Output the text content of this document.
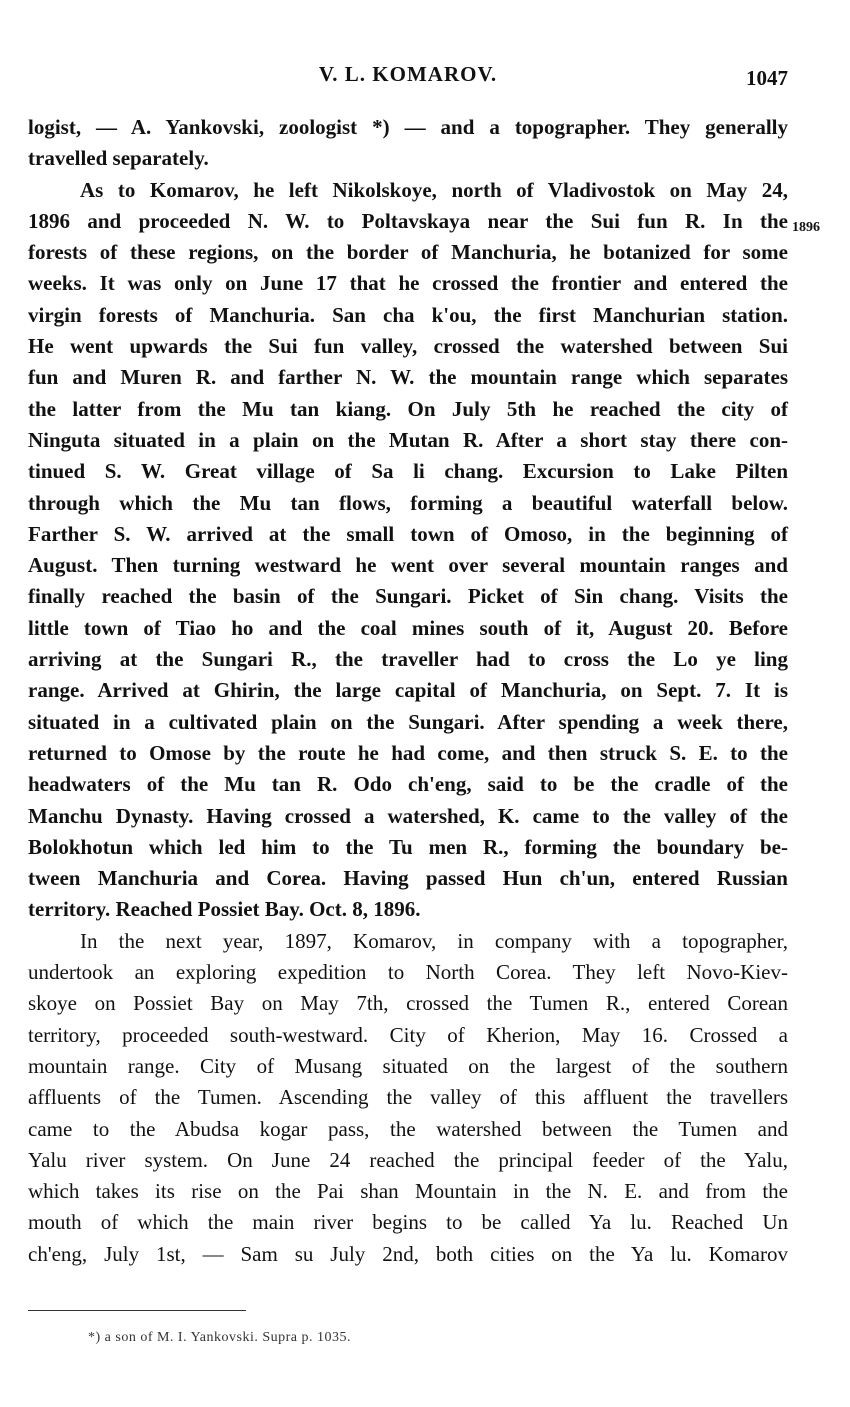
V. L. KOMAROV.	1047
1896
logist, — A. Yankovski, zoologist *) — and a topographer. They generally
travelled separately.
As to Komarov, he left Nikolskoye, north of Vladivostok on May 24,
1896 and proceeded N. W. to Poltavskaya near the Sui fun R. In the
forests of these regions, on the border of Manchuria, he botanized for some
weeks. It was only on June 17 that he crossed the frontier and entered the
virgin forests of Manchuria. San cha k'ou, the first Manchurian station.
He went upwards the Sui fun valley, crossed the watershed between Sui
fun and Muren R. and farther N. W. the mountain range which separates
the latter from the Mu tan kiang. On July 5th he reached the city of
Ninguta situated in a plain on the Mutan R. After a short stay there con-
tinued S. W. Great village of Sa li chang. Excursion to Lake Pilten
through which the Mu tan flows, forming a beautiful waterfall below.
Farther S. W. arrived at the small town of Omoso, in the beginning of
August. Then turning westward he went over several mountain ranges and
finally reached the basin of the Sungari. Picket of Sin chang. Visits the
little town of Tiao ho and the coal mines south of it, August 20. Before
arriving at the Sungari R., the traveller had to cross the Lo ye ling
range. Arrived at Ghirin, the large capital of Manchuria, on Sept. 7. It is
situated in a cultivated plain on the Sungari. After spending a week there,
returned to Omose by the route he had come, and then struck S. E. to the
headwaters of the Mu tan R. Odo ch'eng, said to be the cradle of the
Manchu Dynasty. Having crossed a watershed, K. came to the valley of the
Bolokhotun which led him to the Tu men R., forming the boundary be-
tween Manchuria and Corea. Having passed Hun ch'un, entered Russian
territory. Reached Possiet Bay. Oct. 8, 1896.
In the next year, 1897, Komarov, in company with a topographer,
undertook an exploring expedition to North Corea. They left Novo-Kiev-
skoye on Possiet Bay on May 7th, crossed the Tumen R., entered Corean
territory, proceeded south-westward. City of Kherion, May 16. Crossed a
mountain range. City of Musang situated on the largest of the southern
affluents of the Tumen. Ascending the valley of this affluent the travellers
came to the Abudsa kogar pass, the watershed between the Tumen and
Yalu river system. On June 24 reached the principal feeder of the Yalu,
which takes its rise on the Pai shan Mountain in the N. E. and from the
mouth of which the main river begins to be called Ya lu. Reached Un
ch'eng, July 1st, — Sam su July 2nd, both cities on the Ya lu. Komarov
*) a son of M. I. Yankovski. Supra p. 1035.
